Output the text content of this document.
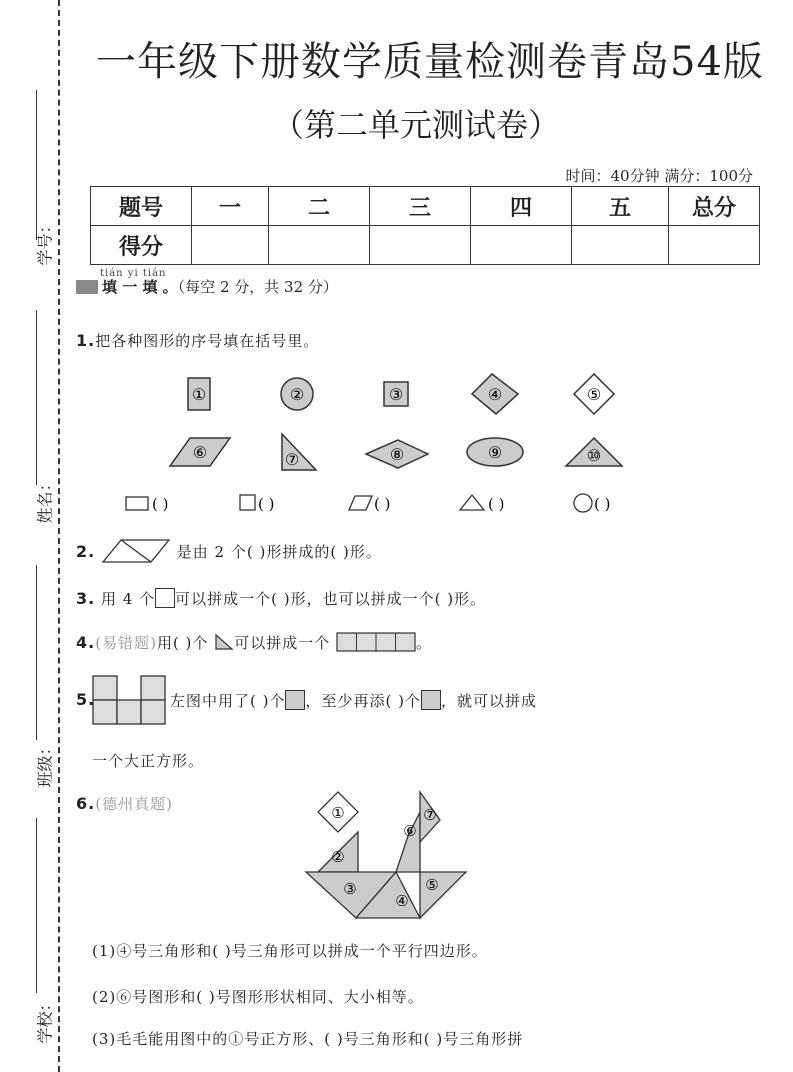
学号：
姓名：
班级：
学校：
一年级下册数学质量检测卷青岛54版
（第二单元测试卷）
时间：40分钟 满分：100分
题号	一	二	三	四	五	总分
得分						
tián yi tián
填 一 填 。（每空 2 分，共 32 分）
1.把各种图形的序号填在括号里。
①	②	③	④	⑤
⑥	⑦	⑧	⑨	⑩
( )	( )	( )	( )	( )
2.	是由 2 个( )形拼成的( )形。
3. 用 4 个 可以拼成一个( )形，也可以拼成一个( )形。
4.(易错题)用( )个 可以拼成一个	。
5.	左图中用了( )个 ，至少再添( )个 ，就可以拼成
一个大正方形。
6.(德州真题)	①
②
③
④
⑤
⑥
⑦
(1)④号三角形和( )号三角形可以拼成一个平行四边形。
(2)⑥号图形和( )号图形形状相同、大小相等。
(3)毛毛能用图中的①号正方形、( )号三角形和( )号三角形拼
